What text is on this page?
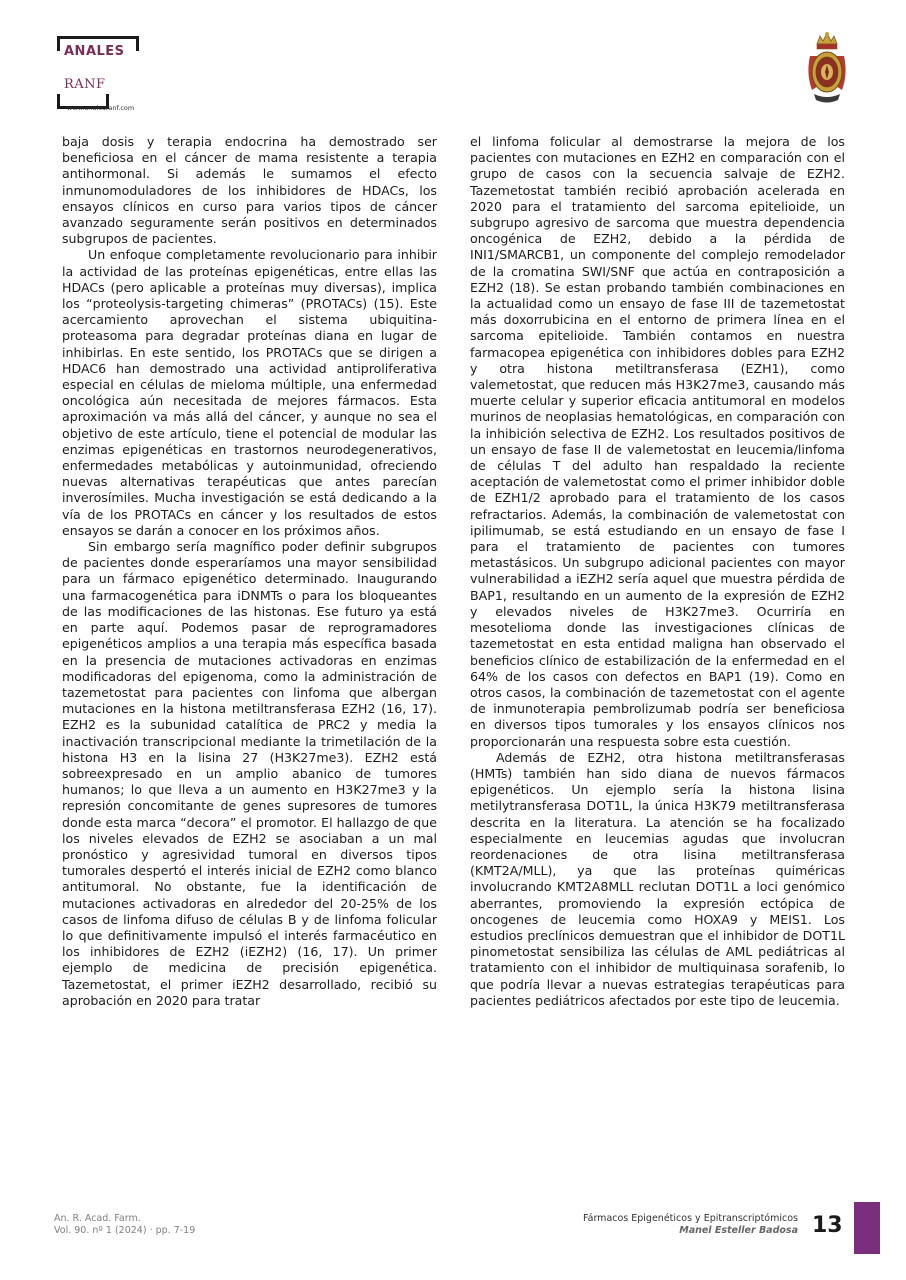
ANALES
RANF
www.analesranf.com

baja dosis y terapia endocrina ha demostrado ser beneficiosa en el cáncer de mama resistente a terapia antihormonal. Si además le sumamos el efecto inmunomoduladores de los inhibidores de HDACs, los ensayos clínicos en curso para varios tipos de cáncer avanzado seguramente serán positivos en determinados subgrupos de pacientes.

Un enfoque completamente revolucionario para inhibir la actividad de las proteínas epigenéticas, entre ellas las HDACs (pero aplicable a proteínas muy diversas), implica los “proteolysis-targeting chimeras” (PROTACs) (15). Este acercamiento aprovechan el sistema ubiquitina-proteasoma para degradar proteínas diana en lugar de inhibirlas. En este sentido, los PROTACs que se dirigen a HDAC6 han demostrado una actividad antiproliferativa especial en células de mieloma múltiple, una enfermedad oncológica aún necesitada de mejores fármacos. Esta aproximación va más allá del cáncer, y aunque no sea el objetivo de este artículo, tiene el potencial de modular las enzimas epigenéticas en trastornos neurodegenerativos, enfermedades metabólicas y autoinmunidad, ofreciendo nuevas alternativas terapéuticas que antes parecían inverosímiles. Mucha investigación se está dedicando a la vía de los PROTACs en cáncer y los resultados de estos ensayos se darán a conocer en los próximos años.

Sin embargo sería magnífico poder definir subgrupos de pacientes donde esperaríamos una mayor sensibilidad para un fármaco epigenético determinado. Inaugurando una farmacogenética para iDNMTs o para los bloqueantes de las modificaciones de las histonas. Ese futuro ya está en parte aquí. Podemos pasar de reprogramadores epigenéticos amplios a una terapia más específica basada en la presencia de mutaciones activadoras en enzimas modificadoras del epigenoma, como la administración de tazemetostat para pacientes con linfoma que albergan mutaciones en la histona metiltransferasa EZH2 (16, 17). EZH2 es la subunidad catalítica de PRC2 y media la inactivación transcripcional mediante la trimetilación de la histona H3 en la lisina 27 (H3K27me3). EZH2 está sobreexpresado en un amplio abanico de tumores humanos; lo que lleva a un aumento en H3K27me3 y la represión concomitante de genes supresores de tumores donde esta marca “decora” el promotor. El hallazgo de que los niveles elevados de EZH2 se asociaban a un mal pronóstico y agresividad tumoral en diversos tipos tumorales despertó el interés inicial de EZH2 como blanco antitumoral. No obstante, fue la identificación de mutaciones activadoras en alrededor del 20-25% de los casos de linfoma difuso de células B y de linfoma folicular lo que definitivamente impulsó el interés farmacéutico en los inhibidores de EZH2 (iEZH2) (16, 17). Un primer ejemplo de medicina de precisión epigenética. Tazemetostat, el primer iEZH2 desarrollado, recibió su aprobación en 2020 para tratar

el linfoma folicular al demostrarse la mejora de los pacientes con mutaciones en EZH2 en comparación con el grupo de casos con la secuencia salvaje de EZH2. Tazemetostat también recibió aprobación acelerada en 2020 para el tratamiento del sarcoma epitelioide, un subgrupo agresivo de sarcoma que muestra dependencia oncogénica de EZH2, debido a la pérdida de INI1/SMARCB1, un componente del complejo remodelador de la cromatina SWI/SNF que actúa en contraposición a EZH2 (18). Se estan probando también combinaciones en la actualidad como un ensayo de fase III de tazemetostat más doxorrubicina en el entorno de primera línea en el sarcoma epitelioide. También contamos en nuestra farmacopea epigenética con inhibidores dobles para EZH2 y otra histona metiltransferasa (EZH1), como valemetostat, que reducen más H3K27me3, causando más muerte celular y superior eficacia antitumoral en modelos murinos de neoplasias hematológicas, en comparación con la inhibición selectiva de EZH2. Los resultados positivos de un ensayo de fase II de valemetostat en leucemia/linfoma de células T del adulto han respaldado la reciente aceptación de valemetostat como el primer inhibidor doble de EZH1/2 aprobado para el tratamiento de los casos refractarios. Además, la combinación de valemetostat con ipilimumab, se está estudiando en un ensayo de fase I para el tratamiento de pacientes con tumores metastásicos. Un subgrupo adicional pacientes con mayor vulnerabilidad a iEZH2 sería aquel que muestra pérdida de BAP1, resultando en un aumento de la expresión de EZH2 y elevados niveles de H3K27me3. Ocurriría en mesotelioma donde las investigaciones clínicas de tazemetostat en esta entidad maligna han observado el beneficios clínico de estabilización de la enfermedad en el 64% de los casos con defectos en BAP1 (19). Como en otros casos, la combinación de tazemetostat con el agente de inmunoterapia pembrolizumab podría ser beneficiosa en diversos tipos tumorales y los ensayos clínicos nos proporcionarán una respuesta sobre esta cuestión.

Además de EZH2, otra histona metiltransferasas (HMTs) también han sido diana de nuevos fármacos epigenéticos. Un ejemplo sería la histona lisina metilytransferasa DOT1L, la única H3K79 metiltransferasa descrita en la literatura. La atención se ha focalizado especialmente en leucemias agudas que involucran reordenaciones de otra lisina metiltransferasa (KMT2A/MLL), ya que las proteínas quiméricas involucrando KMT2A8MLL reclutan DOT1L a loci genómico aberrantes, promoviendo la expresión ectópica de oncogenes de leucemia como HOXA9 y MEIS1. Los estudios preclínicos demuestran que el inhibidor de DOT1L pinometostat sensibiliza las células de AML pediátricas al tratamiento con el inhibidor de multiquinasa sorafenib, lo que podría llevar a nuevas estrategias terapéuticas para pacientes pediátricos afectados por este tipo de leucemia.

An. R. Acad. Farm.
Vol. 90. nº 1 (2024) · pp. 7-19
Fármacos Epigenéticos y Epitranscriptómicos
Manel Esteller Badosa 13
